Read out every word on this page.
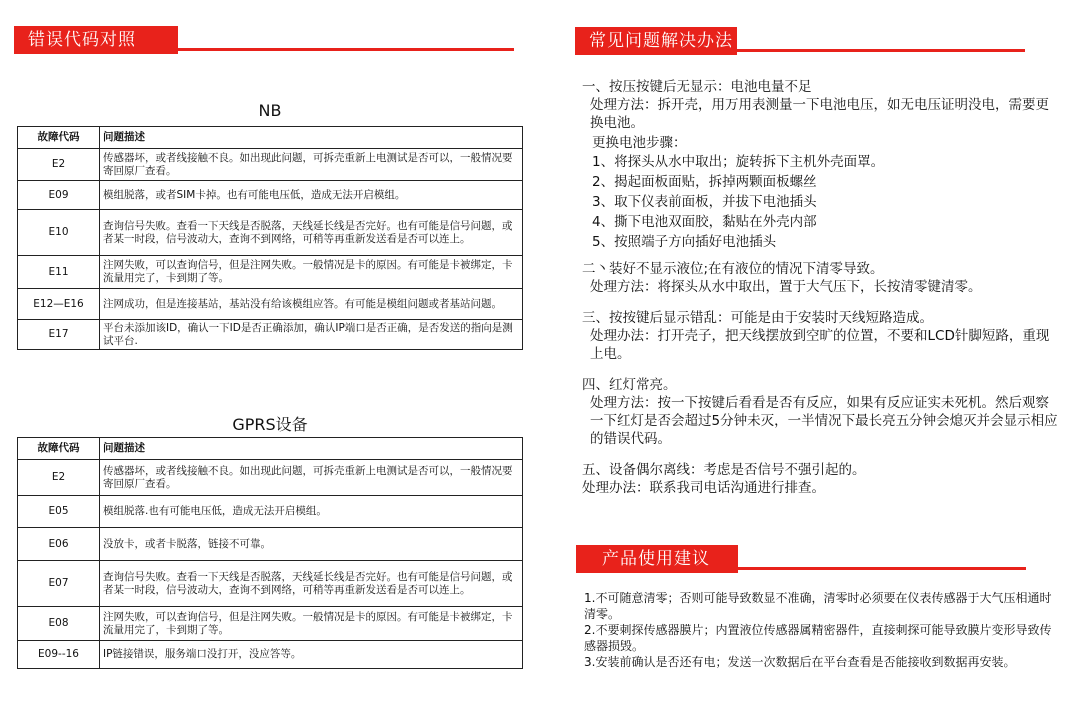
错误代码对照
NB
故障代码	问题描述
E2	传感器坏，或者线接触不良。如出现此问题，可拆壳重新上电测试是否可以，一般情况要寄回原厂查看。
E09	模组脱落，或者SIM卡掉。也有可能电压低，造成无法开启模组。
E10	查询信号失败。查看一下天线是否脱落，天线延长线是否完好。也有可能是信号问题，或者某一时段，信号波动大，查询不到网络，可稍等再重新发送看是否可以连上。
E11	注网失败，可以查询信号，但是注网失败。一般情况是卡的原因。有可能是卡被绑定，卡流量用完了，卡到期了等。
E12—E16	注网成功，但是连接基站，基站没有给该模组应答。有可能是模组问题或者基站问题。
E17	平台未添加该ID，确认一下ID是否正确添加，确认IP端口是否正确，是否发送的指向是测试平台.
GPRS设备
故障代码	问题描述
E2	传感器坏，或者线接触不良。如出现此问题，可拆壳重新上电测试是否可以，一般情况要寄回原厂查看。
E05	模组脱落.也有可能电压低，造成无法开启模组。
E06	没放卡，或者卡脱落，链接不可靠。
E07	查询信号失败。查看一下天线是否脱落，天线延长线是否完好。也有可能是信号问题，或者某一时段，信号波动大，查询不到网络，可稍等再重新发送看是否可以连上。
E08	注网失败，可以查询信号，但是注网失败。一般情况是卡的原因。有可能是卡被绑定，卡流量用完了，卡到期了等。
E09--16	IP链接错误，服务端口没打开，没应答等。
常见问题解决办法

一、按压按键后无显示：电池电量不足

处理方法：拆开壳，用万用表测量一下电池电压，如无电压证明没电，需要更换电池。

更换电池步骤：

1、将探头从水中取出；旋转拆下主机外壳面罩。

2、揭起面板面贴，拆掉两颗面板螺丝

3、取下仪表前面板，并拔下电池插头

4、撕下电池双面胶，黏贴在外壳内部

5、按照端子方向插好电池插头

二丶装好不显示液位;在有液位的情况下清零导致。

处理方法：将探头从水中取出，置于大气压下，长按清零键清零。

三、按按键后显示错乱：可能是由于安装时天线短路造成。

处理办法：打开壳子，把天线摆放到空旷的位置，不要和LCD针脚短路，重现上电。

四、红灯常亮。

处理方法：按一下按键后看看是否有反应，如果有反应证实未死机。然后观察一下红灯是否会超过5分钟未灭，一半情况下最长亮五分钟会熄灭并会显示相应的错误代码。

五、设备偶尔离线：考虑是否信号不强引起的。

处理办法：联系我司电话沟通进行排查。

产品使用建议

1.不可随意清零；否则可能导致数显不准确，清零时必须要在仪表传感器于大气压相通时清零。

2.不要刺探传感器膜片；内置液位传感器属精密器件，直接刺探可能导致膜片变形导致传感器损毁。

3.安装前确认是否还有电；发送一次数据后在平台查看是否能接收到数据再安装。
